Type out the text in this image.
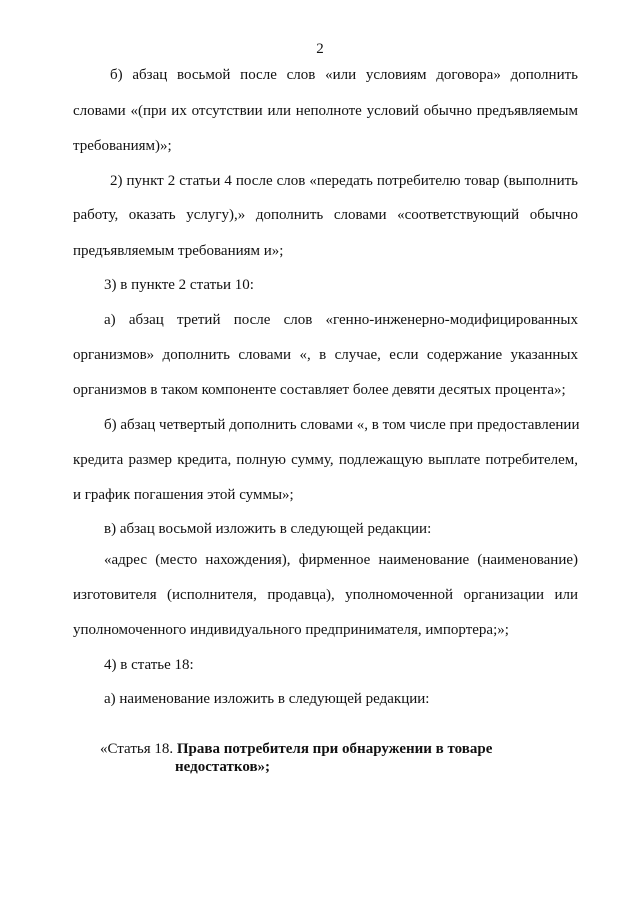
2
б) абзац восьмой после слов «или условиям договора» дополнить
словами «(при их отсутствии или неполноте условий обычно предъявляемым
требованиям)»;
2) пункт 2 статьи 4 после слов «передать потребителю товар (выполнить
работу, оказать услугу),» дополнить словами «соответствующий обычно
предъявляемым требованиям и»;
3) в пункте 2 статьи 10:
а) абзац третий после слов «генно-инженерно-модифицированных
организмов» дополнить словами «, в случае, если содержание указанных
организмов в таком компоненте составляет более девяти десятых процента»;
б) абзац четвертый дополнить словами «, в том числе при предоставлении
кредита размер кредита, полную сумму, подлежащую выплате потребителем,
и график погашения этой суммы»;
в) абзац восьмой изложить в следующей редакции:
«адрес (место нахождения), фирменное наименование (наименование)
изготовителя (исполнителя, продавца), уполномоченной организации или
уполномоченного индивидуального предпринимателя, импортера;»;
4) в статье 18:
а) наименование изложить в следующей редакции:
«Статья 18. Права потребителя при обнаружении в товаре
недостатков»;
